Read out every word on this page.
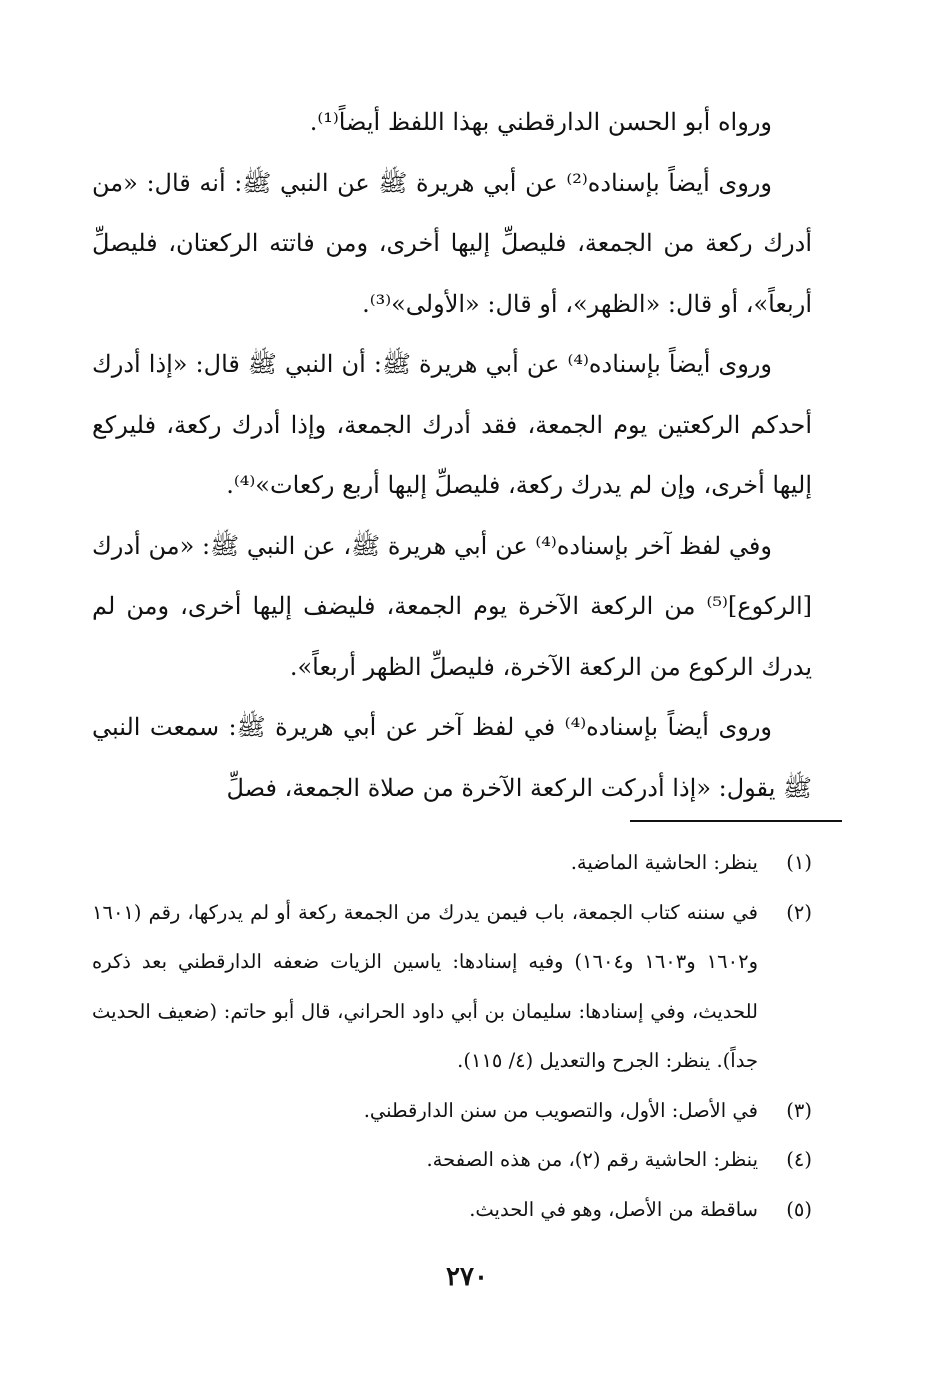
ورواه أبو الحسن الدارقطني بهذا اللفظ أيضاً⁽¹⁾.

وروى أيضاً بإسناده⁽²⁾ عن أبي هريرة ﷺ عن النبي ﷺ: أنه قال: «من أدرك ركعة من الجمعة، فليصلِّ إليها أخرى، ومن فاتته الركعتان، فليصلِّ أربعاً»، أو قال: «الظهر»، أو قال: «الأولى»⁽³⁾.

وروى أيضاً بإسناده⁽⁴⁾ عن أبي هريرة ﷺ: أن النبي ﷺ قال: «إذا أدرك أحدكم الركعتين يوم الجمعة، فقد أدرك الجمعة، وإذا أدرك ركعة، فليركع إليها أخرى، وإن لم يدرك ركعة، فليصلِّ إليها أربع ركعات»⁽⁴⁾.

وفي لفظ آخر بإسناده⁽⁴⁾ عن أبي هريرة ﷺ، عن النبي ﷺ: «من أدرك [الركوع]⁽⁵⁾ من الركعة الآخرة يوم الجمعة، فليضف إليها أخرى، ومن لم يدرك الركوع من الركعة الآخرة، فليصلِّ الظهر أربعاً».

وروى أيضاً بإسناده⁽⁴⁾ في لفظ آخر عن أبي هريرة ﷺ: سمعت النبي ﷺ يقول: «إذا أدركت الركعة الآخرة من صلاة الجمعة، فصلِّ

(١)
ينظر: الحاشية الماضية.
(٢)
في سننه كتاب الجمعة، باب فيمن يدرك من الجمعة ركعة أو لم يدركها، رقم (١٦٠١ و١٦٠٢ و١٦٠٣ و١٦٠٤) وفيه إسنادها: ياسين الزيات ضعفه الدارقطني بعد ذكره للحديث، وفي إسنادها: سليمان بن أبي داود الحراني، قال أبو حاتم: (ضعيف الحديث جداً). ينظر: الجرح والتعديل (٤/ ١١٥).
(٣)
في الأصل: الأول، والتصويب من سنن الدارقطني.
(٤)
ينظر: الحاشية رقم (٢)، من هذه الصفحة.
(٥)
ساقطة من الأصل، وهو في الحديث.
٢٧٠
